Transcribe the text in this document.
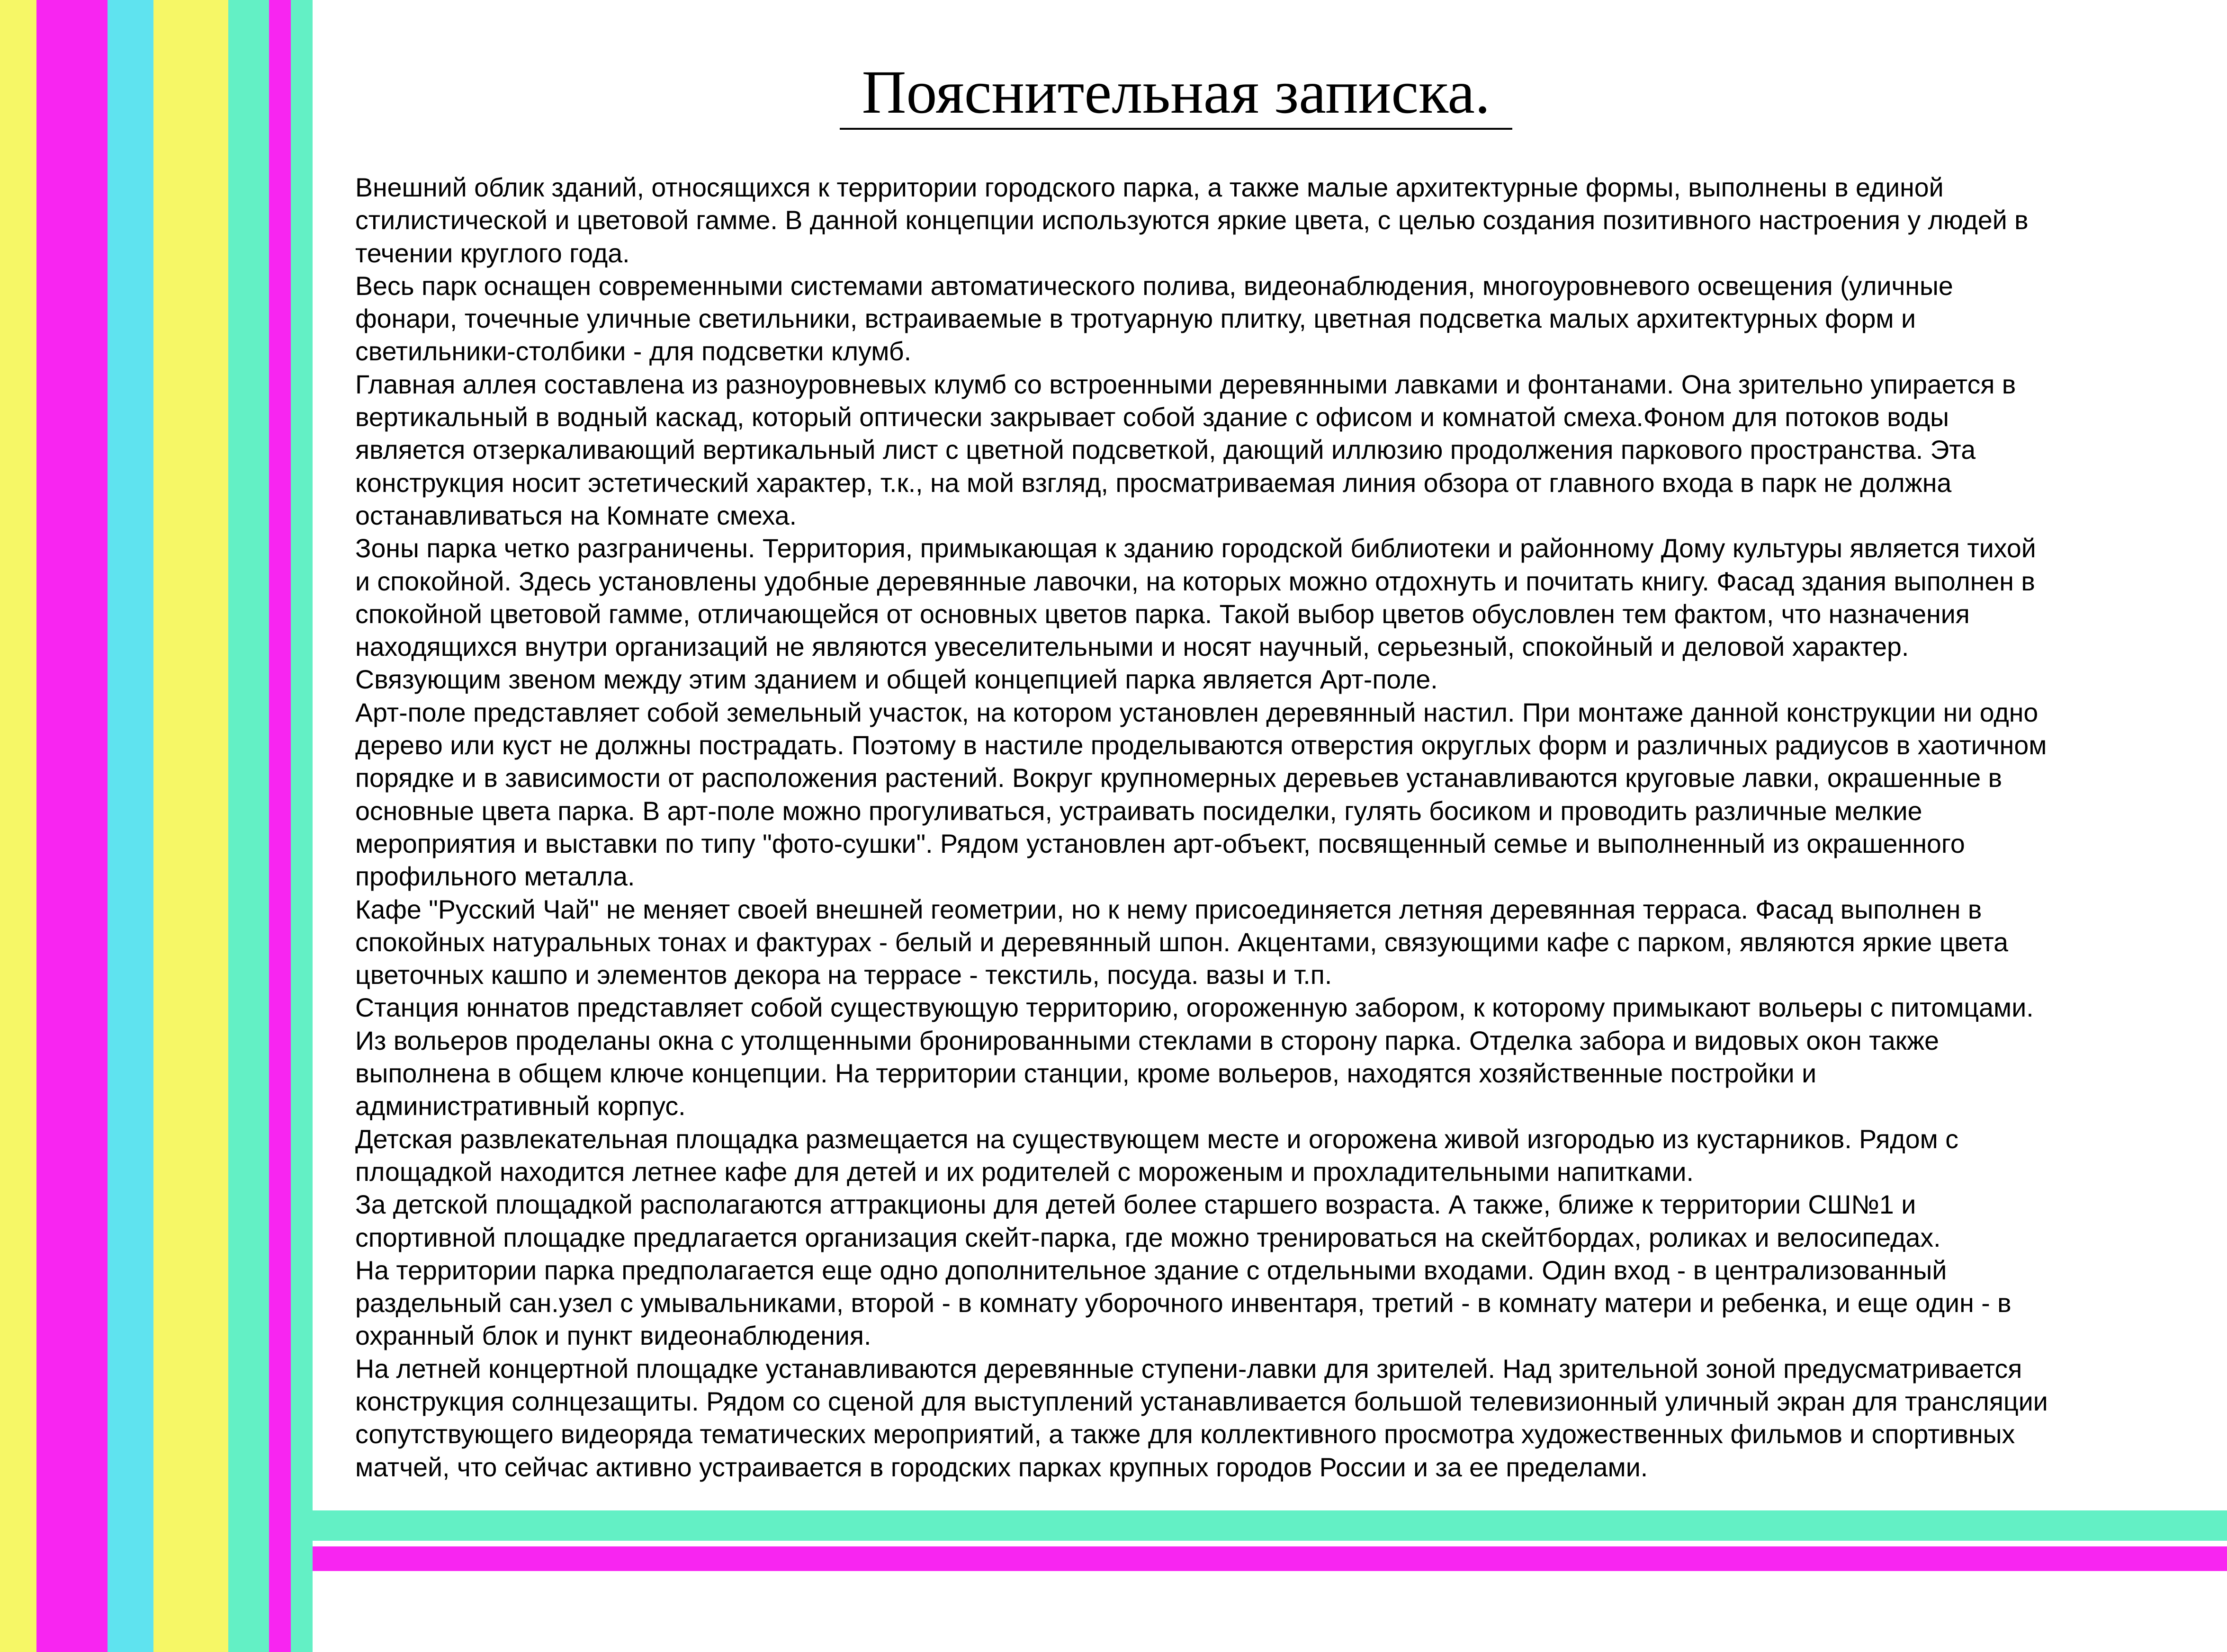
Пояснительная записка.
Внешний облик зданий, относящихся к территории городского парка, а также малые архитектурные формы, выполнены в единой
стилистической и цветовой гамме. В данной концепции используются яркие цвета, с целью создания позитивного настроения у людей в
течении круглого года.
Весь парк оснащен современными системами автоматического полива, видеонаблюдения, многоуровневого освещения (уличные
фонари, точечные уличные светильники, встраиваемые в тротуарную плитку, цветная подсветка малых архитектурных форм и
светильники-столбики - для подсветки клумб.
Главная аллея составлена из разноуровневых клумб со встроенными деревянными лавками и фонтанами. Она зрительно упирается в
вертикальный в водный каскад, который оптически закрывает собой здание с офисом и комнатой смеха.Фоном для потоков воды
является отзеркаливающий вертикальный лист с цветной подсветкой, дающий иллюзию продолжения паркового пространства. Эта
конструкция носит эстетический характер, т.к., на мой взгляд, просматриваемая линия обзора от главного входа в парк не должна
останавливаться на Комнате смеха.
Зоны парка четко разграничены. Территория, примыкающая к зданию городской библиотеки и районному Дому культуры является тихой
и спокойной. Здесь установлены удобные деревянные лавочки, на которых можно отдохнуть и почитать книгу. Фасад здания выполнен в
спокойной цветовой гамме, отличающейся от основных цветов парка. Такой выбор цветов обусловлен тем фактом, что назначения
находящихся внутри организаций не являются увеселительными и носят научный, серьезный, спокойный и деловой характер.
Связующим звеном между этим зданием и общей концепцией парка является Арт-поле.
Арт-поле представляет собой земельный участок, на котором установлен деревянный настил. При монтаже данной конструкции ни одно
дерево или куст не должны пострадать. Поэтому в настиле проделываются отверстия округлых форм и различных радиусов в хаотичном
порядке и в зависимости от расположения растений. Вокруг крупномерных деревьев устанавливаются круговые лавки, окрашенные в
основные цвета парка. В арт-поле можно прогуливаться, устраивать посиделки, гулять босиком и проводить различные мелкие
мероприятия и выставки по типу "фото-сушки". Рядом установлен арт-объект, посвященный семье и выполненный из окрашенного
профильного металла.
Кафе "Русский Чай" не меняет своей внешней геометрии, но к нему присоединяется летняя деревянная терраса. Фасад выполнен в
спокойных натуральных тонах и фактурах - белый и деревянный шпон. Акцентами, связующими кафе с парком, являются яркие цвета
цветочных кашпо и элементов декора на террасе - текстиль, посуда. вазы и т.п.
Станция юннатов представляет собой существующую территорию, огороженную забором, к которому примыкают вольеры с питомцами.
Из вольеров проделаны окна с утолщенными бронированными стеклами в сторону парка. Отделка забора и видовых окон также
выполнена в общем ключе концепции. На территории станции, кроме вольеров, находятся хозяйственные постройки и
административный корпус.
Детская развлекательная площадка размещается на существующем месте и огорожена живой изгородью из кустарников. Рядом с
площадкой находится летнее кафе для детей и их родителей с мороженым и прохладительными напитками.
За детской площадкой располагаются аттракционы для детей более старшего возраста. А также, ближе к территории СШ№1 и
спортивной площадке предлагается организация скейт-парка, где можно тренироваться на скейтбордах, роликах и велосипедах.
На территории парка предполагается еще одно дополнительное здание с отдельными входами. Один вход - в централизованный
раздельный сан.узел с умывальниками, второй - в комнату уборочного инвентаря, третий - в комнату матери и ребенка, и еще один - в
охранный блок и пункт видеонаблюдения.
На летней концертной площадке устанавливаются деревянные ступени-лавки для зрителей. Над зрительной зоной предусматривается
конструкция солнцезащиты. Рядом со сценой для выступлений устанавливается большой телевизионный уличный экран для трансляции
сопутствующего видеоряда тематических мероприятий, а также для коллективного просмотра художественных фильмов и спортивных
матчей, что сейчас активно устраивается в городских парках крупных городов России и за ее пределами.
